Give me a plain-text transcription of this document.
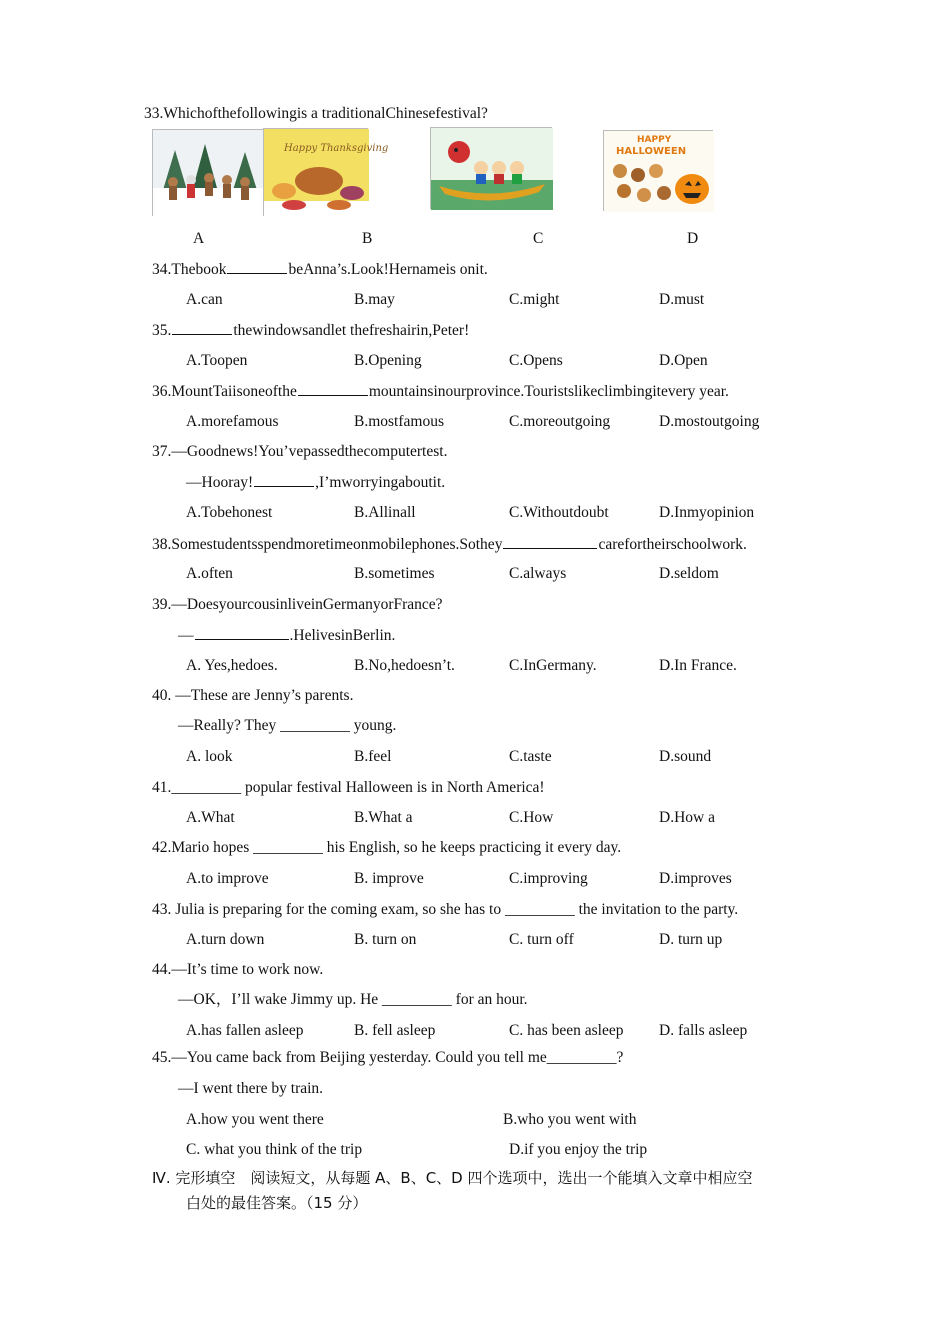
33.Whichofthefollowingis a traditionalChinesefestival?
Happy Thanksgiving
HAPPY
HALLOWEEN
A	B	C	D
34.Thebook	beAnna’s.Look!Hernameis onit.
A.can	B.may	C.might	D.must
35.	thewindowsandlet thefreshairin,Peter!
A.Toopen	B.Opening	C.Opens	D.Open
36.MountTaiisoneofthe	mountainsinourprovince.Touristslikeclimbingitevery year.
A.morefamous	B.mostfamous	C.moreoutgoing	D.mostoutgoing
37.—Goodnews!You’vepassedthecomputertest.
—Hooray!	,I’mworryingaboutit.
A.Tobehonest	B.Allinall	C.Withoutdoubt	D.Inmyopinion
38.Somestudentsspendmoretimeonmobilephones.Sothey	carefortheirschoolwork.
A.often	B.sometimes	C.always	D.seldom
39.—DoesyourcousinliveinGermanyorFrance?
—	.HelivesinBerlin.
A. Yes,hedoes.	B.No,hedoesn’t.	C.InGermany.	D.In France.
40. —These are Jenny’s parents.
—Really? They _________ young.
A. look	B.feel	C.taste	D.sound
41._________ popular festival Halloween is in North America!
A.What	B.What a	C.How	D.How a
42.Mario hopes _________ his English, so he keeps practicing it every day.
A.to improve	B. improve	C.improving	D.improves
43. Julia is preparing for the coming exam, so she has to _________ the invitation to the party.
A.turn down	B. turn on	C. turn off	D. turn up
44.—It’s time to work now.
—OK，I’ll wake Jimmy up. He _________ for an hour.
A.has fallen asleep	B. fell asleep	C. has been asleep D. falls asleep
45.—You came back from Beijing yesterday. Could you tell me_________?
—I went there by train.
A.how you went there	B.who you went with
C. what you think of the trip	D.if you enjoy the trip
Ⅳ. 完形填空　阅读短文，从每题 A、B、C、D 四个选项中，选出一个能填入文章中相应空
白处的最佳答案。（15 分）
